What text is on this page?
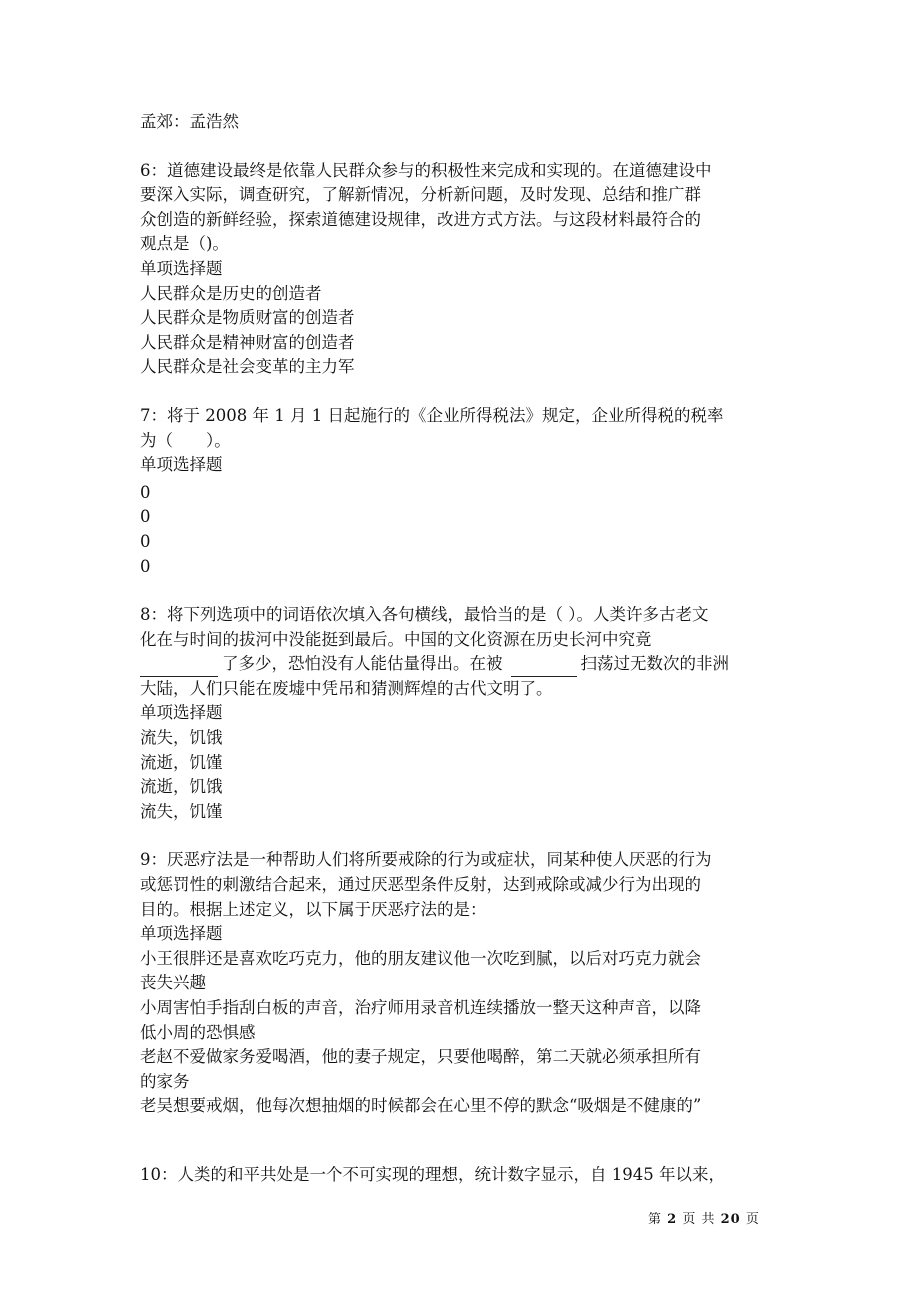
孟郊：孟浩然
6：道德建设最终是依靠人民群众参与的积极性来完成和实现的。在道德建设中
要深入实际，调查研究，了解新情况，分析新问题，及时发现、总结和推广群
众创造的新鲜经验，探索道德建设规律，改进方式方法。与这段材料最符合的
观点是（)。
单项选择题
人民群众是历史的创造者
人民群众是物质财富的创造者
人民群众是精神财富的创造者
人民群众是社会变革的主力军
7：将于 2008 年 1 月 1 日起施行的《企业所得税法》规定，企业所得税的税率
为（　　）。
单项选择题
0
0
0
0
8：将下列选项中的词语依次填入各句横线，最恰当的是（ ）。人类许多古老文
化在与时间的拔河中没能挺到最后。中国的文化资源在历史长河中究竟
了多少，恐怕没有人能估量得出。在被	扫荡过无数次的非洲
大陆，人们只能在废墟中凭吊和猜测辉煌的古代文明了。
单项选择题
流失，饥饿
流逝，饥馑
流逝，饥饿
流失，饥馑
9：厌恶疗法是一种帮助人们将所要戒除的行为或症状，同某种使人厌恶的行为
或惩罚性的刺激结合起来，通过厌恶型条件反射，达到戒除或减少行为出现的
目的。根据上述定义，以下属于厌恶疗法的是：
单项选择题
小王很胖还是喜欢吃巧克力，他的朋友建议他一次吃到腻，以后对巧克力就会
丧失兴趣
小周害怕手指刮白板的声音，治疗师用录音机连续播放一整天这种声音，以降
低小周的恐惧感
老赵不爱做家务爱喝酒，他的妻子规定，只要他喝醉，第二天就必须承担所有
的家务
老吴想要戒烟，他每次想抽烟的时候都会在心里不停的默念“吸烟是不健康的”
10：人类的和平共处是一个不可实现的理想，统计数字显示，自 1945 年以来，
第 2 页 共 20 页
